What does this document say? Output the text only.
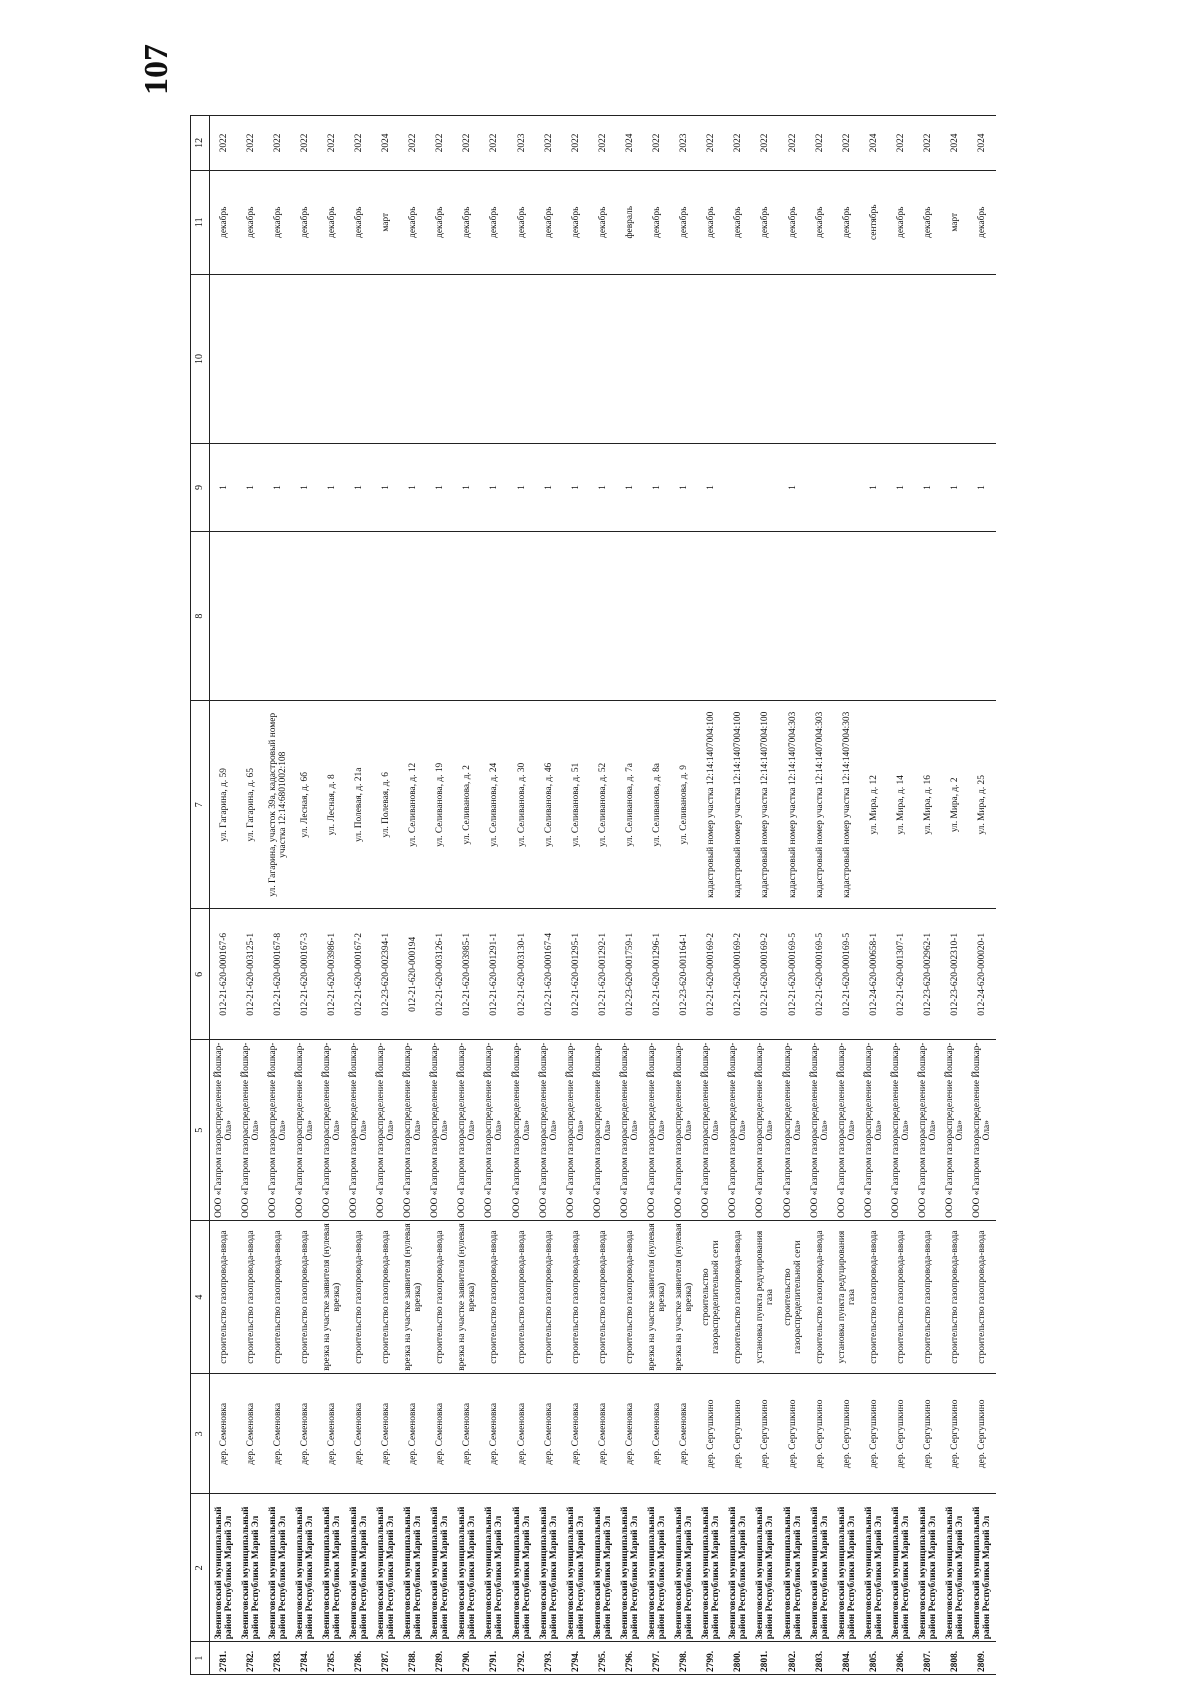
107
1	2	3	4	5	6	7	8	9	10	11	12
2781.	Звениговский муниципальный район Республики Марий Эл	дер. Семеновка	строительство газопровода-ввода	ООО «Газпром газораспределение Йошкар-Ола»	012-21-620-000167-6	ул. Гагарина, д. 59		1		декабрь	2022
2782.	Звениговский муниципальный район Республики Марий Эл	дер. Семеновка	строительство газопровода-ввода	ООО «Газпром газораспределение Йошкар-Ола»	012-21-620-003125-1	ул. Гагарина, д. 65		1		декабрь	2022
2783.	Звениговский муниципальный район Республики Марий Эл	дер. Семеновка	строительство газопровода-ввода	ООО «Газпром газораспределение Йошкар-Ола»	012-21-620-000167-8	ул. Гагарина, участок 39а, кадастровый номер участка 12:14:6801002:108		1		декабрь	2022
2784.	Звениговский муниципальный район Республики Марий Эл	дер. Семеновка	строительство газопровода-ввода	ООО «Газпром газораспределение Йошкар-Ола»	012-21-620-000167-3	ул. Лесная, д. 6б		1		декабрь	2022
2785.	Звениговский муниципальный район Республики Марий Эл	дер. Семеновка	врезка на участке заявителя (нулевая врезка)	ООО «Газпром газораспределение Йошкар-Ола»	012-21-620-003986-1	ул. Лесная, д. 8		1		декабрь	2022
2786.	Звениговский муниципальный район Республики Марий Эл	дер. Семеновка	строительство газопровода-ввода	ООО «Газпром газораспределение Йошкар-Ола»	012-21-620-000167-2	ул. Полевая, д. 21а		1		декабрь	2022
2787.	Звениговский муниципальный район Республики Марий Эл	дер. Семеновка	строительство газопровода-ввода	ООО «Газпром газораспределение Йошкар-Ола»	012-23-620-002394-1	ул. Полевая, д. 6		1		март	2024
2788.	Звениговский муниципальный район Республики Марий Эл	дер. Семеновка	врезка на участке заявителя (нулевая врезка)	ООО «Газпром газораспределение Йошкар-Ола»	012-21-620-000194	ул. Селиванова, д. 12		1		декабрь	2022
2789.	Звениговский муниципальный район Республики Марий Эл	дер. Семеновка	строительство газопровода-ввода	ООО «Газпром газораспределение Йошкар-Ола»	012-21-620-003126-1	ул. Селиванова, д. 19		1		декабрь	2022
2790.	Звениговский муниципальный район Республики Марий Эл	дер. Семеновка	врезка на участке заявителя (нулевая врезка)	ООО «Газпром газораспределение Йошкар-Ола»	012-21-620-003985-1	ул. Селиванова, д. 2		1		декабрь	2022
2791.	Звениговский муниципальный район Республики Марий Эл	дер. Семеновка	строительство газопровода-ввода	ООО «Газпром газораспределение Йошкар-Ола»	012-21-620-001291-1	ул. Селиванова, д. 24		1		декабрь	2022
2792.	Звениговский муниципальный район Республики Марий Эл	дер. Семеновка	строительство газопровода-ввода	ООО «Газпром газораспределение Йошкар-Ола»	012-21-620-003130-1	ул. Селиванова, д. 30		1		декабрь	2023
2793.	Звениговский муниципальный район Республики Марий Эл	дер. Семеновка	строительство газопровода-ввода	ООО «Газпром газораспределение Йошкар-Ола»	012-21-620-000167-4	ул. Селиванова, д. 46		1		декабрь	2022
2794.	Звениговский муниципальный район Республики Марий Эл	дер. Семеновка	строительство газопровода-ввода	ООО «Газпром газораспределение Йошкар-Ола»	012-21-620-001295-1	ул. Селиванова, д. 51		1		декабрь	2022
2795.	Звениговский муниципальный район Республики Марий Эл	дер. Семеновка	строительство газопровода-ввода	ООО «Газпром газораспределение Йошкар-Ола»	012-21-620-001292-1	ул. Селиванова, д. 52		1		декабрь	2022
2796.	Звениговский муниципальный район Республики Марий Эл	дер. Семеновка	строительство газопровода-ввода	ООО «Газпром газораспределение Йошкар-Ола»	012-23-620-001759-1	ул. Селиванова, д. 7а		1		февраль	2024
2797.	Звениговский муниципальный район Республики Марий Эл	дер. Семеновка	врезка на участке заявителя (нулевая врезка)	ООО «Газпром газораспределение Йошкар-Ола»	012-21-620-001296-1	ул. Селиванова, д. 8а		1		декабрь	2022
2798.	Звениговский муниципальный район Республики Марий Эл	дер. Семеновка	врезка на участке заявителя (нулевая врезка)	ООО «Газпром газораспределение Йошкар-Ола»	012-23-620-001164-1	ул. Селиванова, д. 9		1		декабрь	2023
2799.	Звениговский муниципальный район Республики Марий Эл	дер. Сергушкино	строительство газораспределительной сети	ООО «Газпром газораспределение Йошкар-Ола»	012-21-620-000169-2	кадастровый номер участка 12:14:1407004:100		1		декабрь	2022
2800.	Звениговский муниципальный район Республики Марий Эл	дер. Сергушкино	строительство газопровода-ввода	ООО «Газпром газораспределение Йошкар-Ола»	012-21-620-000169-2	кадастровый номер участка 12:14:1407004:100				декабрь	2022
2801.	Звениговский муниципальный район Республики Марий Эл	дер. Сергушкино	установка пункта редуцирования газа	ООО «Газпром газораспределение Йошкар-Ола»	012-21-620-000169-2	кадастровый номер участка 12:14:1407004:100				декабрь	2022
2802.	Звениговский муниципальный район Республики Марий Эл	дер. Сергушкино	строительство газораспределительной сети	ООО «Газпром газораспределение Йошкар-Ола»	012-21-620-000169-5	кадастровый номер участка 12:14:1407004:303		1		декабрь	2022
2803.	Звениговский муниципальный район Республики Марий Эл	дер. Сергушкино	строительство газопровода-ввода	ООО «Газпром газораспределение Йошкар-Ола»	012-21-620-000169-5	кадастровый номер участка 12:14:1407004:303				декабрь	2022
2804.	Звениговский муниципальный район Республики Марий Эл	дер. Сергушкино	установка пункта редуцирования газа	ООО «Газпром газораспределение Йошкар-Ола»	012-21-620-000169-5	кадастровый номер участка 12:14:1407004:303				декабрь	2022
2805.	Звениговский муниципальный район Республики Марий Эл	дер. Сергушкино	строительство газопровода-ввода	ООО «Газпром газораспределение Йошкар-Ола»	012-24-620-000658-1	ул. Мира, д. 12		1		сентябрь	2024
2806.	Звениговский муниципальный район Республики Марий Эл	дер. Сергушкино	строительство газопровода-ввода	ООО «Газпром газораспределение Йошкар-Ола»	012-21-620-001307-1	ул. Мира, д. 14		1		декабрь	2022
2807.	Звениговский муниципальный район Республики Марий Эл	дер. Сергушкино	строительство газопровода-ввода	ООО «Газпром газораспределение Йошкар-Ола»	012-23-620-002962-1	ул. Мира, д. 16		1		декабрь	2022
2808.	Звениговский муниципальный район Республики Марий Эл	дер. Сергушкино	строительство газопровода-ввода	ООО «Газпром газораспределение Йошкар-Ола»	012-23-620-002310-1	ул. Мира, д. 2		1		март	2024
2809.	Звениговский муниципальный район Республики Марий Эл	дер. Сергушкино	строительство газопровода-ввода	ООО «Газпром газораспределение Йошкар-Ола»	012-24-620-000020-1	ул. Мира, д. 25		1		декабрь	2024
